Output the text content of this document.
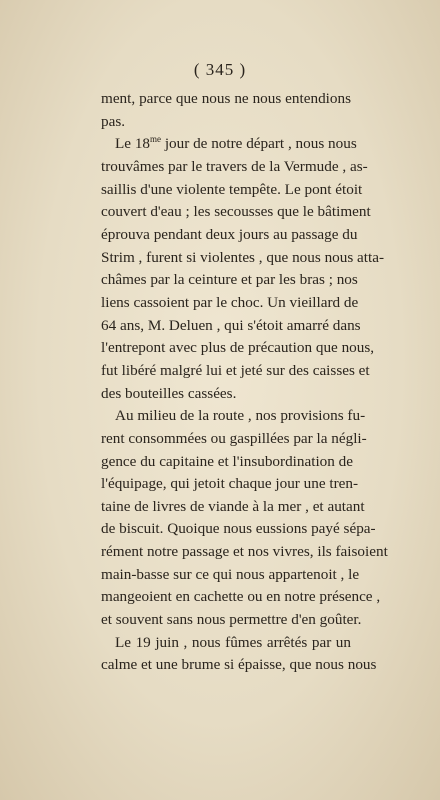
( 345 )
ment, parce que nous ne nous entendions
pas.
Le $18^{me}$ jour de notre départ , nous nous
trouvâmes par le travers de la Vermude , as-
saillis d'une violente tempête. Le pont étoit
couvert d'eau ; les secousses que le bâtiment
éprouva pendant deux jours au passage du
Strim , furent si violentes , que nous nous atta-
châmes par la ceinture et par les bras ; nos
liens cassoient par le choc. Un vieillard de
64 ans, M. Deluen , qui s'étoit amarré dans
l'entrepont avec plus de précaution que nous,
fut libéré malgré lui et jeté sur des caisses et
des bouteilles cassées.
Au milieu de la route , nos provisions fu-
rent consommées ou gaspillées par la négli-
gence du capitaine et l'insubordination de
l'équipage, qui jetoit chaque jour une tren-
taine de livres de viande à la mer , et autant
de biscuit. Quoique nous eussions payé sépa-
rément notre passage et nos vivres, ils faisoient
main-basse sur ce qui nous appartenoit , le
mangeoient en cachette ou en notre présence ,
et souvent sans nous permettre d'en goûter.
Le 19 juin , nous fûmes arrêtés par un
calme et une brume si épaisse, que nous nous
